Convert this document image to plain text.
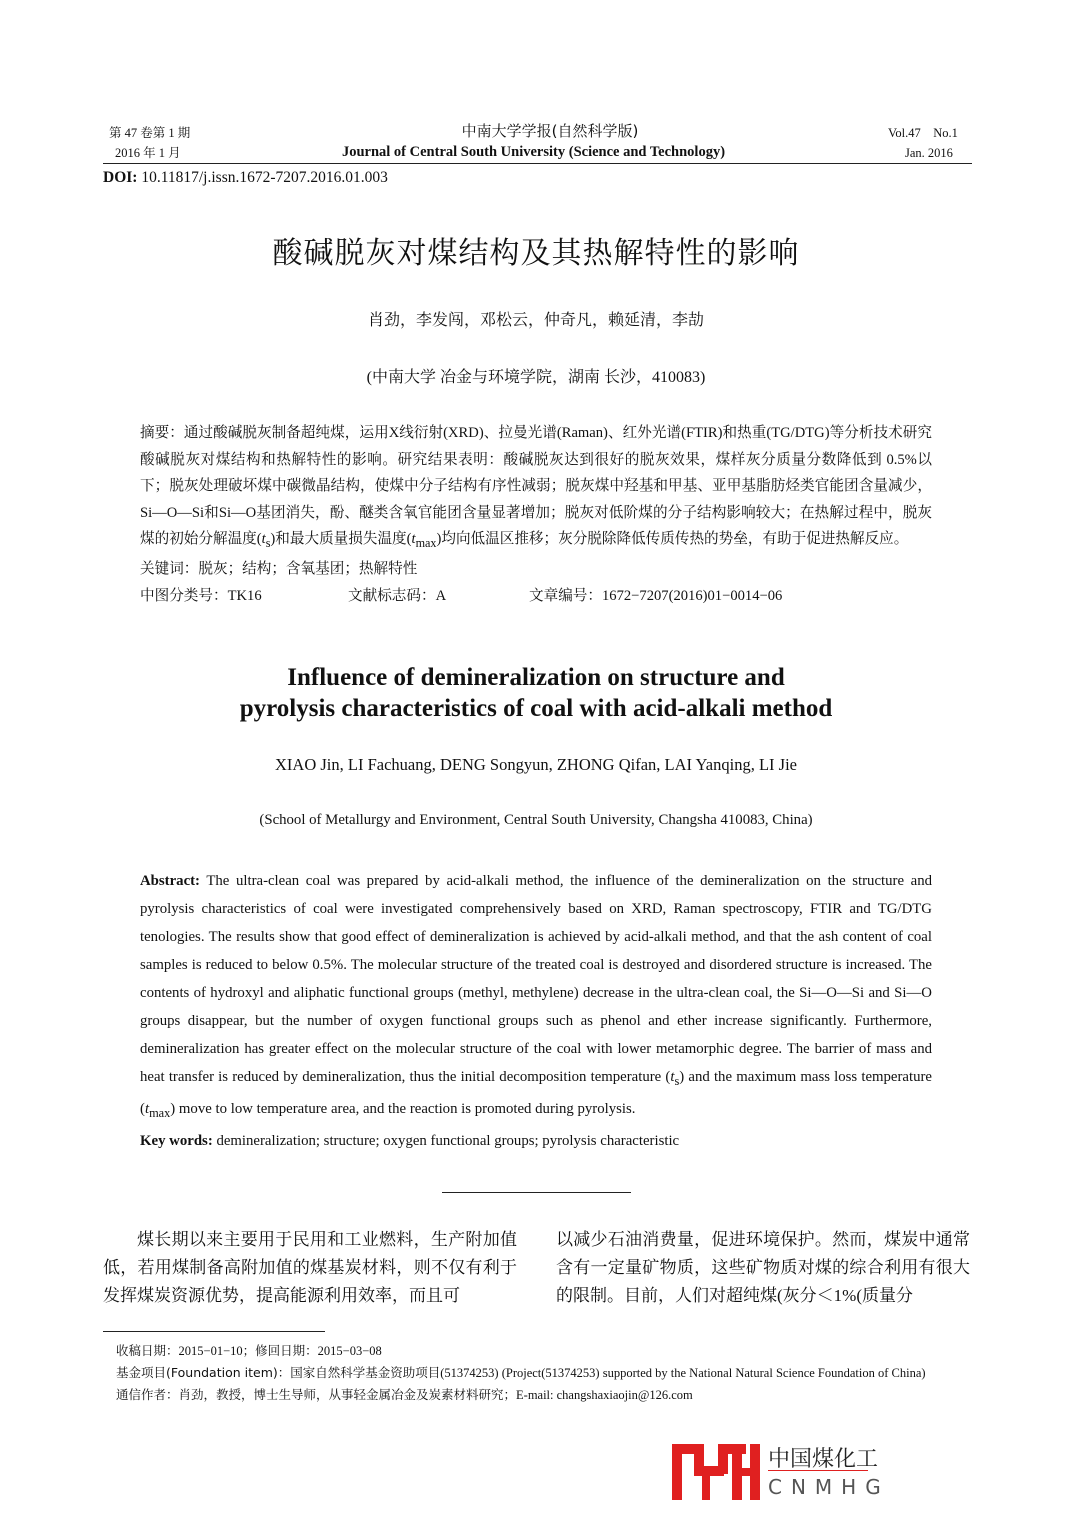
第 47 卷第 1 期
2016 年 1 月
中南大学学报(自然科学版)
Journal of Central South University (Science and Technology)
Vol.47    No.1
Jan. 2016
DOI: 10.11817/j.issn.1672-7207.2016.01.003
酸碱脱灰对煤结构及其热解特性的影响
肖劲，李发闯，邓松云，仲奇凡，赖延清，李劼
(中南大学 冶金与环境学院，湖南 长沙，410083)
摘要：通过酸碱脱灰制备超纯煤，运用X线衍射(XRD)、拉曼光谱(Raman)、红外光谱(FTIR)和热重(TG/DTG)等分析技术研究酸碱脱灰对煤结构和热解特性的影响。研究结果表明：酸碱脱灰达到很好的脱灰效果，煤样灰分质量分数降低到 0.5%以下；脱灰处理破坏煤中碳微晶结构，使煤中分子结构有序性减弱；脱灰煤中羟基和甲基、亚甲基脂肪烃类官能团含量减少，Si—O—Si和Si—O基团消失，酚、醚类含氧官能团含量显著增加；脱灰对低阶煤的分子结构影响较大；在热解过程中，脱灰煤的初始分解温度$(t_s)$和最大质量损失温度$(t_{max})$均向低温区推移；灰分脱除降低传质传热的势垒，有助于促进热解反应。
关键词：脱灰；结构；含氧基团；热解特性
中图分类号：TK16	文献标志码：A	文章编号：1672−7207(2016)01−0014−06
Influence of demineralization on structure and
pyrolysis characteristics of coal with acid-alkali method
XIAO Jin, LI Fachuang, DENG Songyun, ZHONG Qifan, LAI Yanqing, LI Jie
(School of Metallurgy and Environment, Central South University, Changsha 410083, China)
Abstract: The ultra-clean coal was prepared by acid-alkali method, the influence of the demineralization on the structure and pyrolysis characteristics of coal were investigated comprehensively based on XRD, Raman spectroscopy, FTIR and TG/DTG tenologies. The results show that good effect of demineralization is achieved by acid-alkali method, and that the ash content of coal samples is reduced to below 0.5%. The molecular structure of the treated coal is destroyed and disordered structure is increased. The contents of hydroxyl and aliphatic functional groups (methyl, methylene) decrease in the ultra-clean coal, the Si—O—Si and Si—O groups disappear, but the number of oxygen functional groups such as phenol and ether increase significantly. Furthermore, demineralization has greater effect on the molecular structure of the coal with lower metamorphic degree. The barrier of mass and heat transfer is reduced by demineralization, thus the initial decomposition temperature $(t_s)$ and the maximum mass loss temperature $(t_{max})$ move to low temperature area, and the reaction is promoted during pyrolysis.
Key words: demineralization; structure; oxygen functional groups; pyrolysis characteristic
煤长期以来主要用于民用和工业燃料，生产附加值低，若用煤制备高附加值的煤基炭材料，则不仅有利于发挥煤炭资源优势，提高能源利用效率，而且可
以减少石油消费量，促进环境保护。然而，煤炭中通常含有一定量矿物质，这些矿物质对煤的综合利用有很大的限制。目前，人们对超纯煤(灰分＜1%(质量分
收稿日期：2015−01−10；修回日期：2015−03−08
基金项目(Foundation item)：国家自然科学基金资助项目(51374253) (Project(51374253) supported by the National Natural Science Foundation of China)
通信作者：肖劲，教授，博士生导师，从事轻金属冶金及炭素材料研究；E-mail: changshaxiaojin@126.com
中国煤化工
CNMHG
